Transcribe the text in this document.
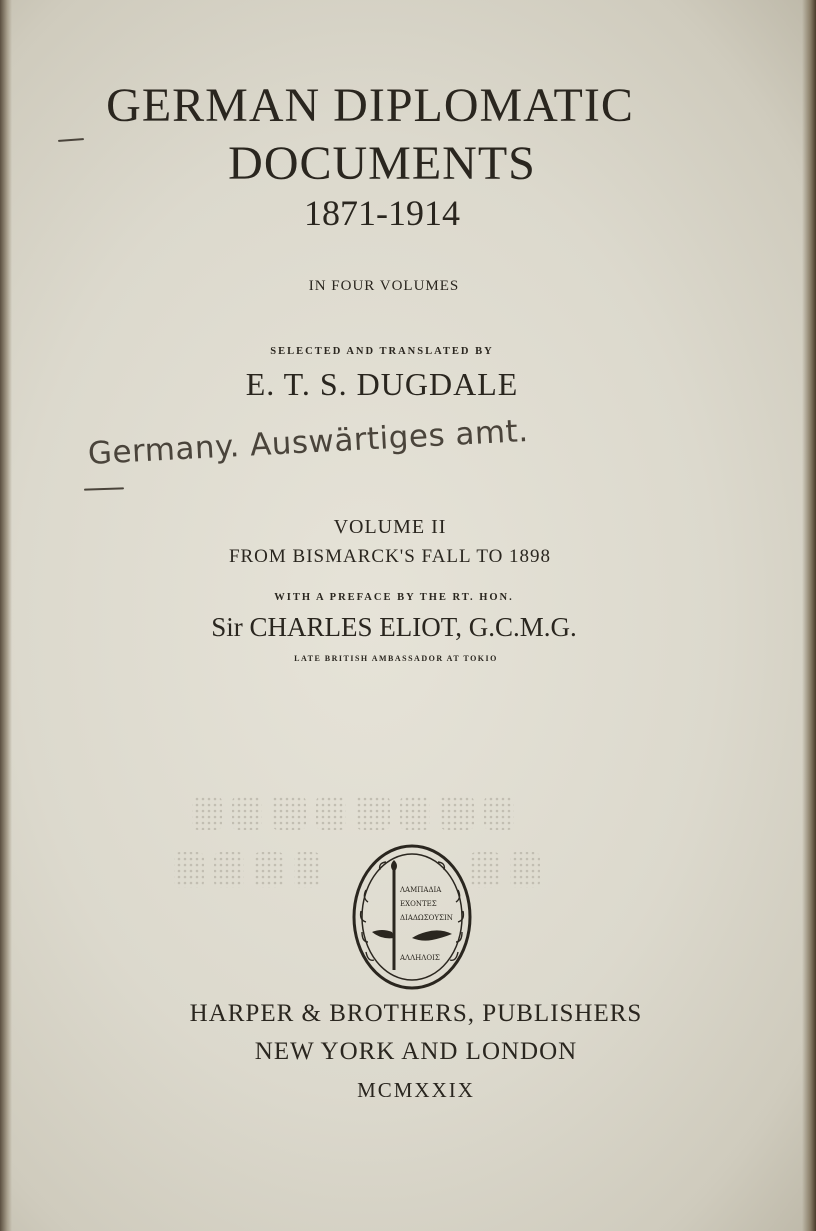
GERMAN DIPLOMATIC
DOCUMENTS
1871-1914
IN FOUR VOLUMES
SELECTED AND TRANSLATED BY
E. T. S. DUGDALE
Germany. Auswärtiges amt.
VOLUME II
FROM BISMARCK'S FALL TO 1898
WITH A PREFACE BY THE RT. HON.
Sir CHARLES ELIOT, G.C.M.G.
LATE BRITISH AMBASSADOR AT TOKIO
ΛΑΜΠΑΔΙΑ
ΕΧΟΝΤΕΣ
ΔΙΑΔΩΣΟΥΣΙΝ
ΑΛΛΗΛΟΙΣ
HARPER & BROTHERS, PUBLISHERS
NEW YORK AND LONDON
MCMXXIX
